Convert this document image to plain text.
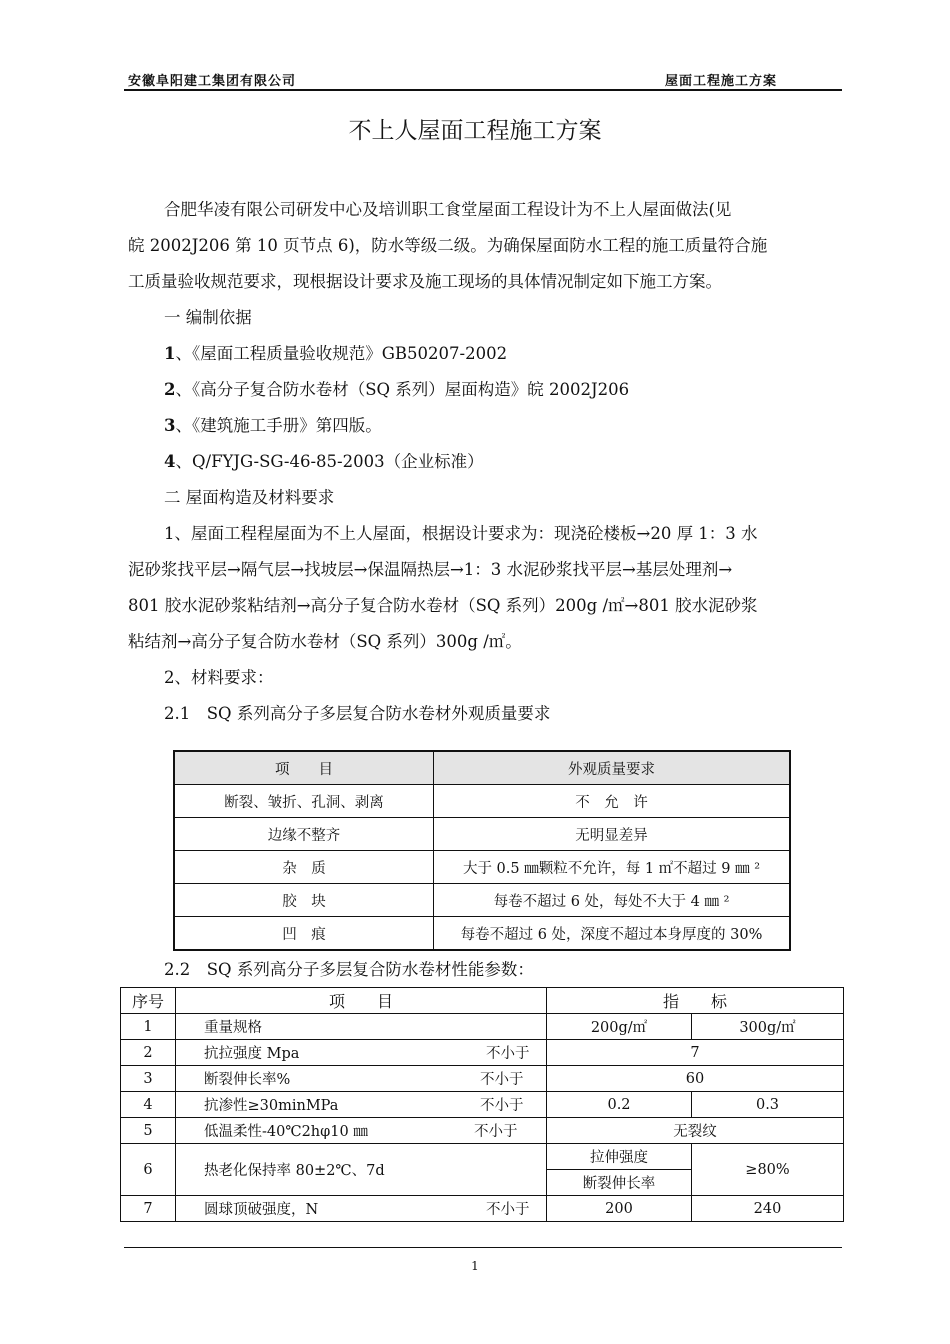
安徽阜阳建工集团有限公司	屋面工程施工方案
不上人屋面工程施工方案
合肥华凌有限公司研发中心及培训职工食堂屋面工程设计为不上人屋面做法(见
皖 2002J206 第 10 页节点 6)，防水等级二级。为确保屋面防水工程的施工质量符合施
工质量验收规范要求，现根据设计要求及施工现场的具体情况制定如下施工方案。
一 编制依据
1、《屋面工程质量验收规范》GB50207-2002
2、《高分子复合防水卷材（SQ 系列）屋面构造》皖 2002J206
3、《建筑施工手册》第四版。
4、Q/FYJG-SG-46-85-2003（企业标准）
二 屋面构造及材料要求
1、屋面工程程屋面为不上人屋面，根据设计要求为：现浇砼楼板→20 厚 1：3 水
泥砂浆找平层→隔气层→找坡层→保温隔热层→1：3 水泥砂浆找平层→基层处理剂→
801 胶水泥砂浆粘结剂→高分子复合防水卷材（SQ 系列）200g /㎡→801 胶水泥砂浆
粘结剂→高分子复合防水卷材（SQ 系列）300g /㎡。
2、材料要求：
2.1　SQ 系列高分子多层复合防水卷材外观质量要求
项　　目	外观质量要求
断裂、皱折、孔洞、剥离	不　允　许
边缘不整齐	无明显差异
杂　质	大于 0.5 ㎜颗粒不允许，每 1 ㎡不超过 9 ㎜ ²
胶　块	每卷不超过 6 处，每处不大于 4 ㎜ ²
凹　痕	每卷不超过 6 处，深度不超过本身厚度的 30%
2.2　SQ 系列高分子多层复合防水卷材性能参数：
序号	项　　目	指　　标	
1	重量规格	200g/㎡	300g/㎡
2	抗拉强度 Mpa 不小于	7	
3	断裂伸长率% 不小于	60	
4	抗渗性≥30minMPa 不小于	0.2	0.3
5	低温柔性-40℃2hφ10 ㎜ 不小于	无裂纹	
6	热老化保持率 80±2℃、7d	拉伸强度	≥80%
		断裂伸长率	
7	圆球顶破强度，N 不小于	200	240
1
